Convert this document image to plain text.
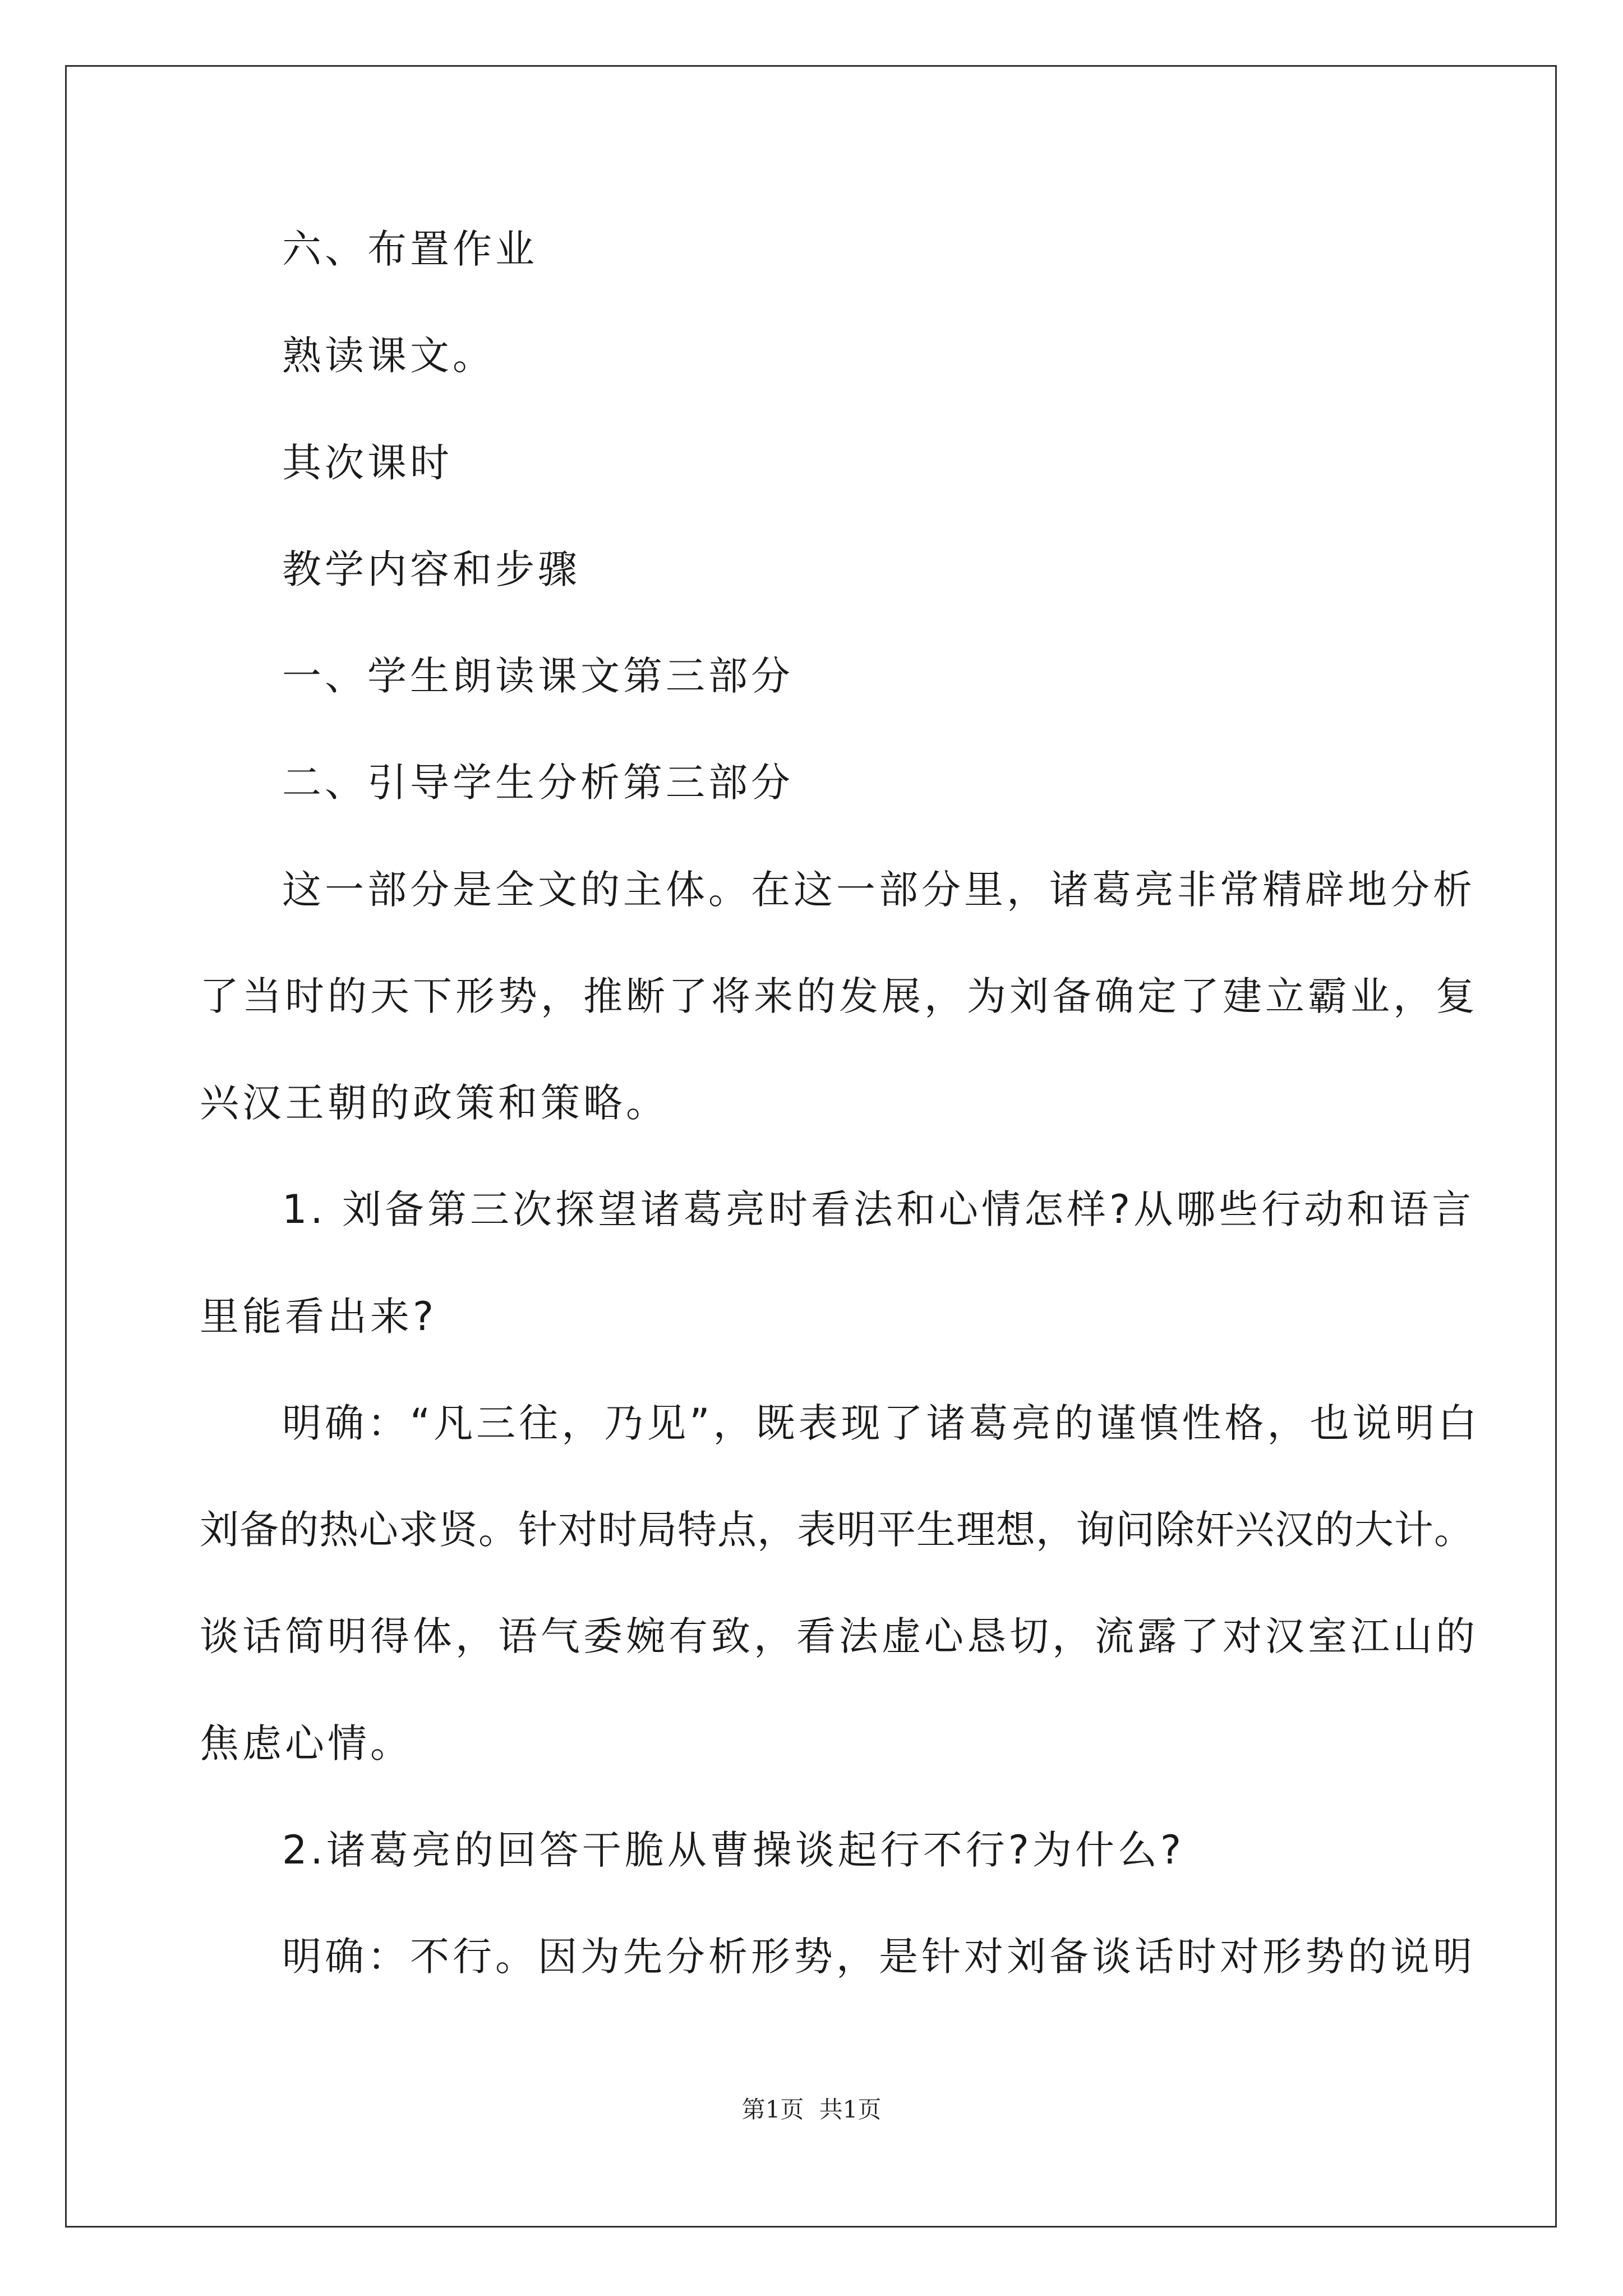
六、布置作业
熟读课文。
其次课时
教学内容和步骤
一、学生朗读课文第三部分
二、引导学生分析第三部分
这一部分是全文的主体。在这一部分里，诸葛亮非常精辟地分析
了当时的天下形势，推断了将来的发展，为刘备确定了建立霸业，复
兴汉王朝的政策和策略。
1. 刘备第三次探望诸葛亮时看法和心情怎样?从哪些行动和语言
里能看出来?
明确：“凡三往，乃见”，既表现了诸葛亮的谨慎性格，也说明白
刘备的热心求贤。针对时局特点，表明平生理想，询问除奸兴汉的大计。
谈话简明得体，语气委婉有致，看法虚心恳切，流露了对汉室江山的
焦虑心情。
2.诸葛亮的回答干脆从曹操谈起行不行?为什么?
明确：不行。因为先分析形势，是针对刘备谈话时对形势的说明
第1页 共1页
